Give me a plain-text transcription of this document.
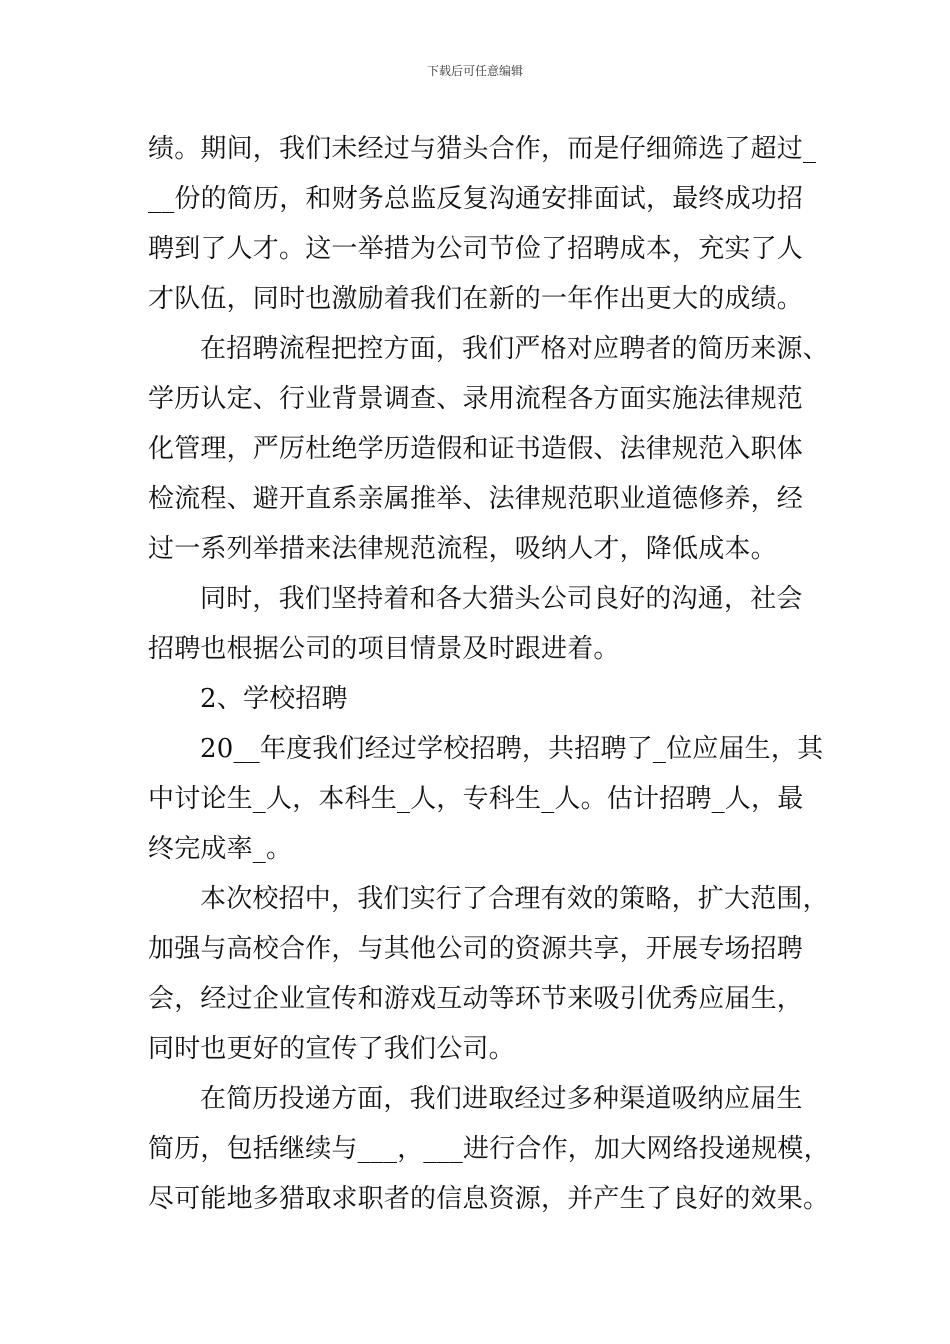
下载后可任意编辑
绩。期间，我们未经过与猎头合作，而是仔细筛选了超过_
__份的简历，和财务总监反复沟通安排面试，最终成功招
聘到了人才。这一举措为公司节俭了招聘成本，充实了人
才队伍，同时也激励着我们在新的一年作出更大的成绩。
在招聘流程把控方面，我们严格对应聘者的简历来源、
学历认定、行业背景调查、录用流程各方面实施法律规范
化管理，严厉杜绝学历造假和证书造假、法律规范入职体
检流程、避开直系亲属推举、法律规范职业道德修养，经
过一系列举措来法律规范流程，吸纳人才，降低成本。
同时，我们坚持着和各大猎头公司良好的沟通，社会
招聘也根据公司的项目情景及时跟进着。
2、学校招聘
20__年度我们经过学校招聘，共招聘了_位应届生，其
中讨论生_人，本科生_人，专科生_人。估计招聘_人，最
终完成率_。
本次校招中，我们实行了合理有效的策略，扩大范围，
加强与高校合作，与其他公司的资源共享，开展专场招聘
会，经过企业宣传和游戏互动等环节来吸引优秀应届生，
同时也更好的宣传了我们公司。
在简历投递方面，我们进取经过多种渠道吸纳应届生
简历，包括继续与___，___进行合作，加大网络投递规模，
尽可能地多猎取求职者的信息资源，并产生了良好的效果。
